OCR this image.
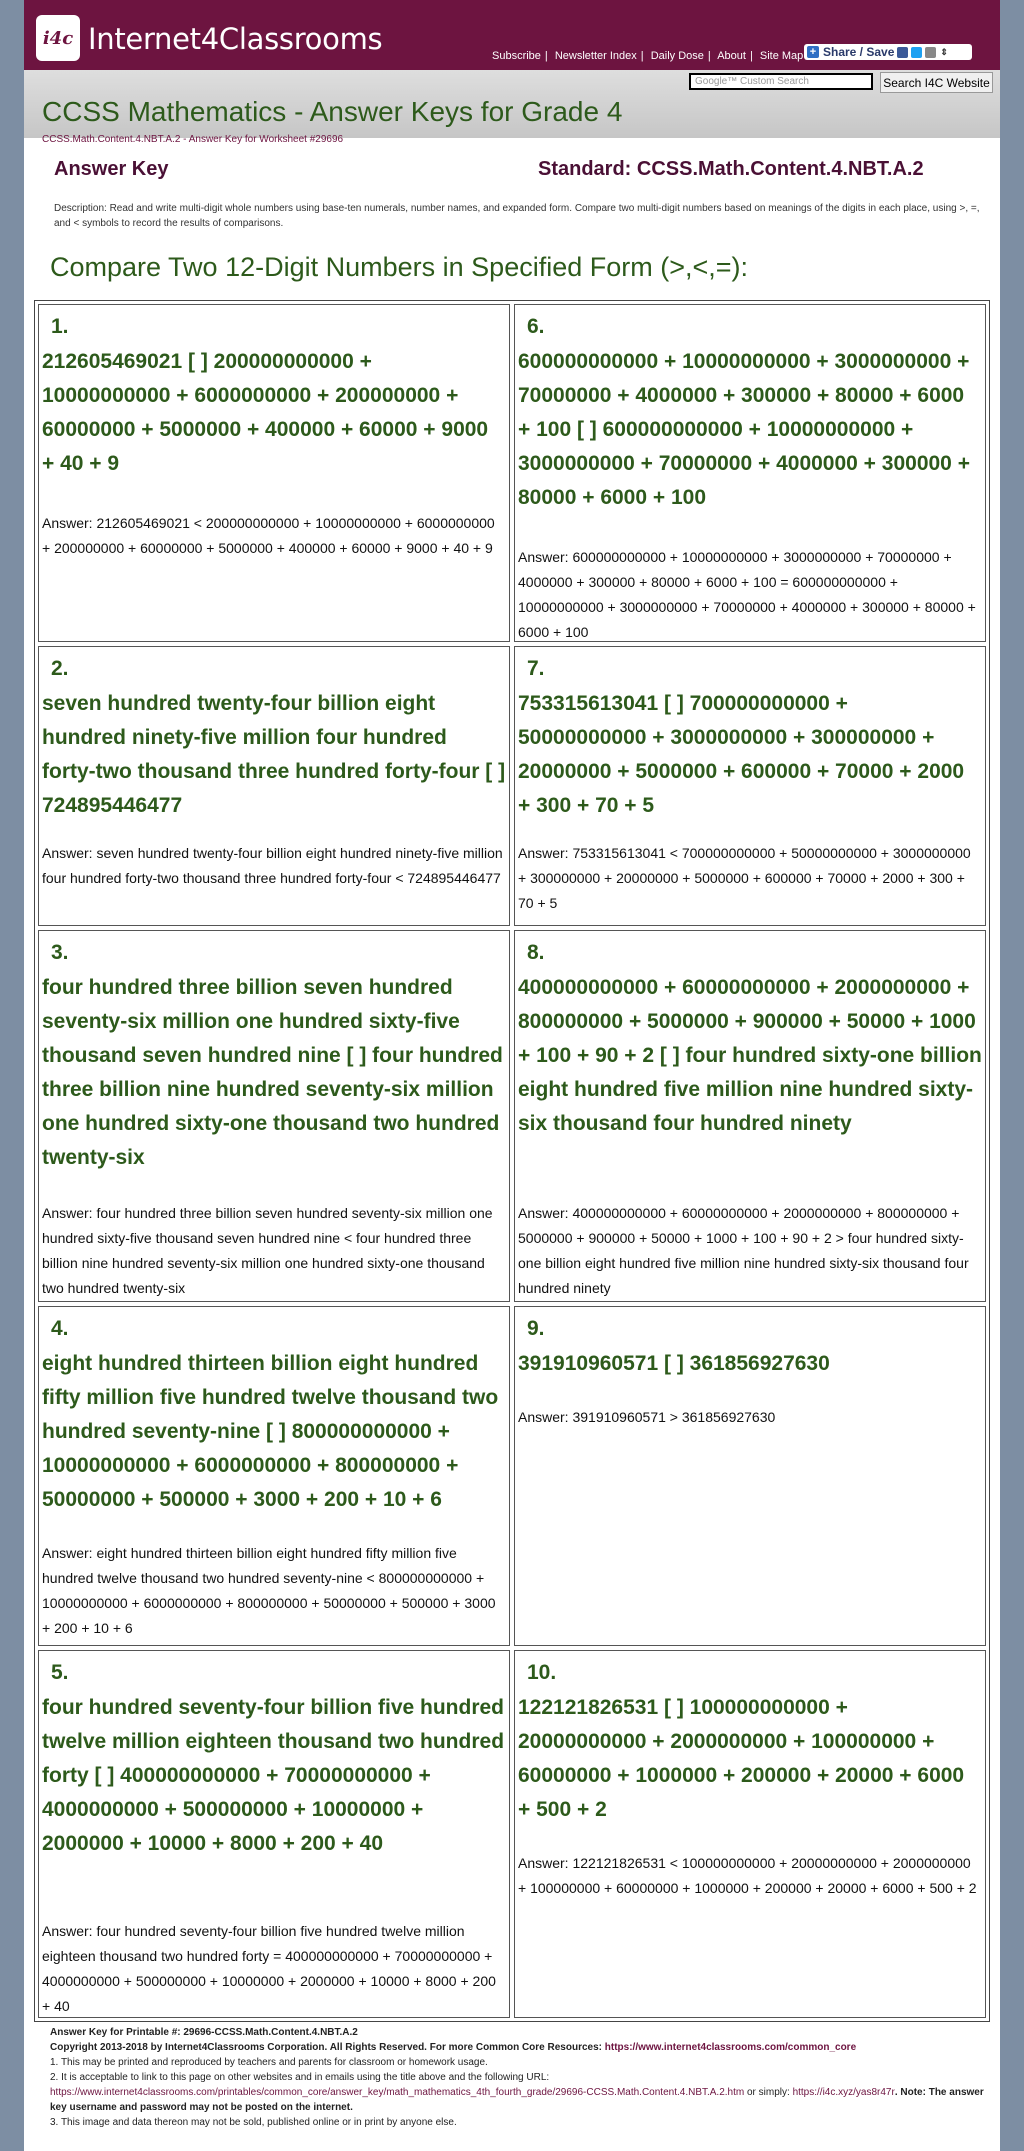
i4c Internet4Classrooms	Subscribe | Newsletter Index | Daily Dose | About | Site Map + Share / Save	⇕
Google™ Custom Search	Search I4C Website
CCSS Mathematics - Answer Keys for Grade 4
CCSS.Math.Content.4.NBT.A.2 - Answer Key for Worksheet #29696
Answer Key	Standard: CCSS.Math.Content.4.NBT.A.2
Description: Read and write multi-digit whole numbers using base-ten numerals, number names, and expanded form. Compare two multi-digit numbers based on meanings of the digits in each place, using >, =, and < symbols to record the results of comparisons.
Compare Two 12-Digit Numbers in Specified Form (>,<,=):
1.
212605469021 [ ] 200000000000 + 10000000000 + 6000000000 + 200000000 + 60000000 + 5000000 + 400000 + 60000 + 9000 + 40 + 9
Answer: 212605469021 < 200000000000 + 10000000000 + 6000000000 + 200000000 + 60000000 + 5000000 + 400000 + 60000 + 9000 + 40 + 9
2.
seven hundred twenty-four billion eight hundred ninety-five million four hundred forty-two thousand three hundred forty-four [ ] 724895446477
Answer: seven hundred twenty-four billion eight hundred ninety-five million four hundred forty-two thousand three hundred forty-four < 724895446477
3.
four hundred three billion seven hundred seventy-six million one hundred sixty-five thousand seven hundred nine [ ] four hundred three billion nine hundred seventy-six million one hundred sixty-one thousand two hundred twenty-six
Answer: four hundred three billion seven hundred seventy-six million one hundred sixty-five thousand seven hundred nine < four hundred three billion nine hundred seventy-six million one hundred sixty-one thousand two hundred twenty-six
4.
eight hundred thirteen billion eight hundred fifty million five hundred twelve thousand two hundred seventy-nine [ ] 800000000000 + 10000000000 + 6000000000 + 800000000 + 50000000 + 500000 + 3000 + 200 + 10 + 6
Answer: eight hundred thirteen billion eight hundred fifty million five hundred twelve thousand two hundred seventy-nine < 800000000000 + 10000000000 + 6000000000 + 800000000 + 50000000 + 500000 + 3000 + 200 + 10 + 6
5.
four hundred seventy-four billion five hundred twelve million eighteen thousand two hundred forty [ ] 400000000000 + 70000000000 + 4000000000 + 500000000 + 10000000 + 2000000 + 10000 + 8000 + 200 + 40
Answer: four hundred seventy-four billion five hundred twelve million eighteen thousand two hundred forty = 400000000000 + 70000000000 + 4000000000 + 500000000 + 10000000 + 2000000 + 10000 + 8000 + 200 + 40
6.
600000000000 + 10000000000 + 3000000000 + 70000000 + 4000000 + 300000 + 80000 + 6000 + 100 [ ] 600000000000 + 10000000000 + 3000000000 + 70000000 + 4000000 + 300000 + 80000 + 6000 + 100
Answer: 600000000000 + 10000000000 + 3000000000 + 70000000 + 4000000 + 300000 + 80000 + 6000 + 100 = 600000000000 + 10000000000 + 3000000000 + 70000000 + 4000000 + 300000 + 80000 + 6000 + 100
7.
753315613041 [ ] 700000000000 + 50000000000 + 3000000000 + 300000000 + 20000000 + 5000000 + 600000 + 70000 + 2000 + 300 + 70 + 5
Answer: 753315613041 < 700000000000 + 50000000000 + 3000000000 + 300000000 + 20000000 + 5000000 + 600000 + 70000 + 2000 + 300 + 70 + 5
8.
400000000000 + 60000000000 + 2000000000 + 800000000 + 5000000 + 900000 + 50000 + 1000 + 100 + 90 + 2 [ ] four hundred sixty-one billion eight hundred five million nine hundred sixty-six thousand four hundred ninety
Answer: 400000000000 + 60000000000 + 2000000000 + 800000000 + 5000000 + 900000 + 50000 + 1000 + 100 + 90 + 2 > four hundred sixty-one billion eight hundred five million nine hundred sixty-six thousand four hundred ninety
9.
391910960571 [ ] 361856927630
Answer: 391910960571 > 361856927630
10.
122121826531 [ ] 100000000000 + 20000000000 + 2000000000 + 100000000 + 60000000 + 1000000 + 200000 + 20000 + 6000 + 500 + 2
Answer: 122121826531 < 100000000000 + 20000000000 + 2000000000 + 100000000 + 60000000 + 1000000 + 200000 + 20000 + 6000 + 500 + 2
Answer Key for Printable #: 29696-CCSS.Math.Content.4.NBT.A.2
Copyright 2013-2018 by Internet4Classrooms Corporation. All Rights Reserved. For more Common Core Resources: https://www.internet4classrooms.com/common_core
1. This may be printed and reproduced by teachers and parents for classroom or homework usage.
2. It is acceptable to link to this page on other websites and in emails using the title above and the following URL:
https://www.internet4classrooms.com/printables/common_core/answer_key/math_mathematics_4th_fourth_grade/29696-CCSS.Math.Content.4.NBT.A.2.htm or simply: https://i4c.xyz/yas8r47r. Note: The answer key username and password may not be posted on the internet.
3. This image and data thereon may not be sold, published online or in print by anyone else.
